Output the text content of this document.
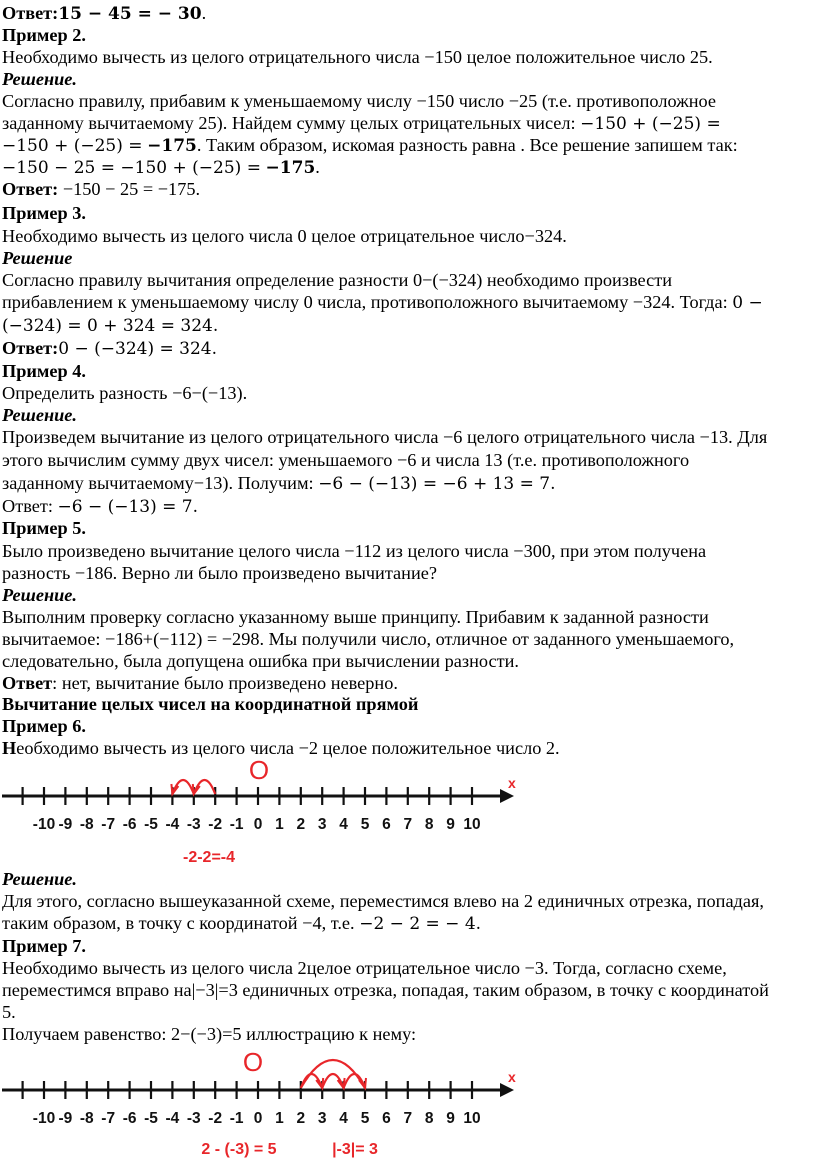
Ответ:15 − 45 = − 30.
Пример 2.
Необходимо вычесть из целого отрицательного числа −150 целое положительное число 25.
Решение.
Согласно правилу, прибавим к уменьшаемому числу −150 число −25 (т.е. противоположное
заданному вычитаемому 25). Найдем сумму целых отрицательных чисел: −150 + (−25) =
−150 + (−25) = −175. Таким образом, искомая разность равна . Все решение запишем так:
−150 − 25 = −150 + (−25) = −175.
Ответ: −150 − 25 = −175.
Пример 3.
Необходимо вычесть из целого числа 0 целое отрицательное число−324.
Решение
Согласно правилу вычитания определение разности 0−(−324) необходимо произвести
прибавлением к уменьшаемому числу 0 числа, противоположного вычитаемому −324. Тогда: 0 −
(−324) = 0 + 324 = 324.
Ответ:0 − (−324) = 324.
Пример 4.
Определить разность −6−(−13).
Решение.
Произведем вычитание из целого отрицательного числа −6 целого отрицательного числа −13. Для
этого вычислим сумму двух чисел: уменьшаемого −6 и числа 13 (т.е. противоположного
заданному вычитаемому−13). Получим: −6 − (−13) = −6 + 13 = 7.
Ответ: −6 − (−13) = 7.
Пример 5.
Было произведено вычитание целого числа −112 из целого числа −300, при этом получена
разность −186. Верно ли было произведено вычитание?
Решение.
Выполним проверку согласно указанному выше принципу. Прибавим к заданной разности
вычитаемое: −186+(−112) = −298. Мы получили число, отличное от заданного уменьшаемого,
следовательно, была допущена ошибка при вычислении разности.
Ответ: нет, вычитание было произведено неверно.
Вычитание целых чисел на координатной прямой
Пример 6.
Необходимо вычесть из целого числа −2 целое положительное число 2.
-10 -9 -8 -7 -6 -5 -4 -3 -2 -1 0 1 2 3 4 5 6 7 8 9 10
O	x
-2-2=-4
Решение.
Для этого, согласно вышеуказанной схеме, переместимся влево на 2 единичных отрезка, попадая,
таким образом, в точку с координатой −4, т.е. −2 − 2 = − 4.
Пример 7.
Необходимо вычесть из целого числа 2целое отрицательное число −3. Тогда, согласно схеме,
переместимся вправо на|−3|=3 единичных отрезка, попадая, таким образом, в точку с координатой
5.
Получаем равенство: 2−(−3)=5 иллюстрацию к нему:
-10 -9 -8 -7 -6 -5 -4 -3 -2 -1 0 1 2 3 4 5 6 7 8 9 10
O	x
2 - (-3) = 5	|-3|= 3
